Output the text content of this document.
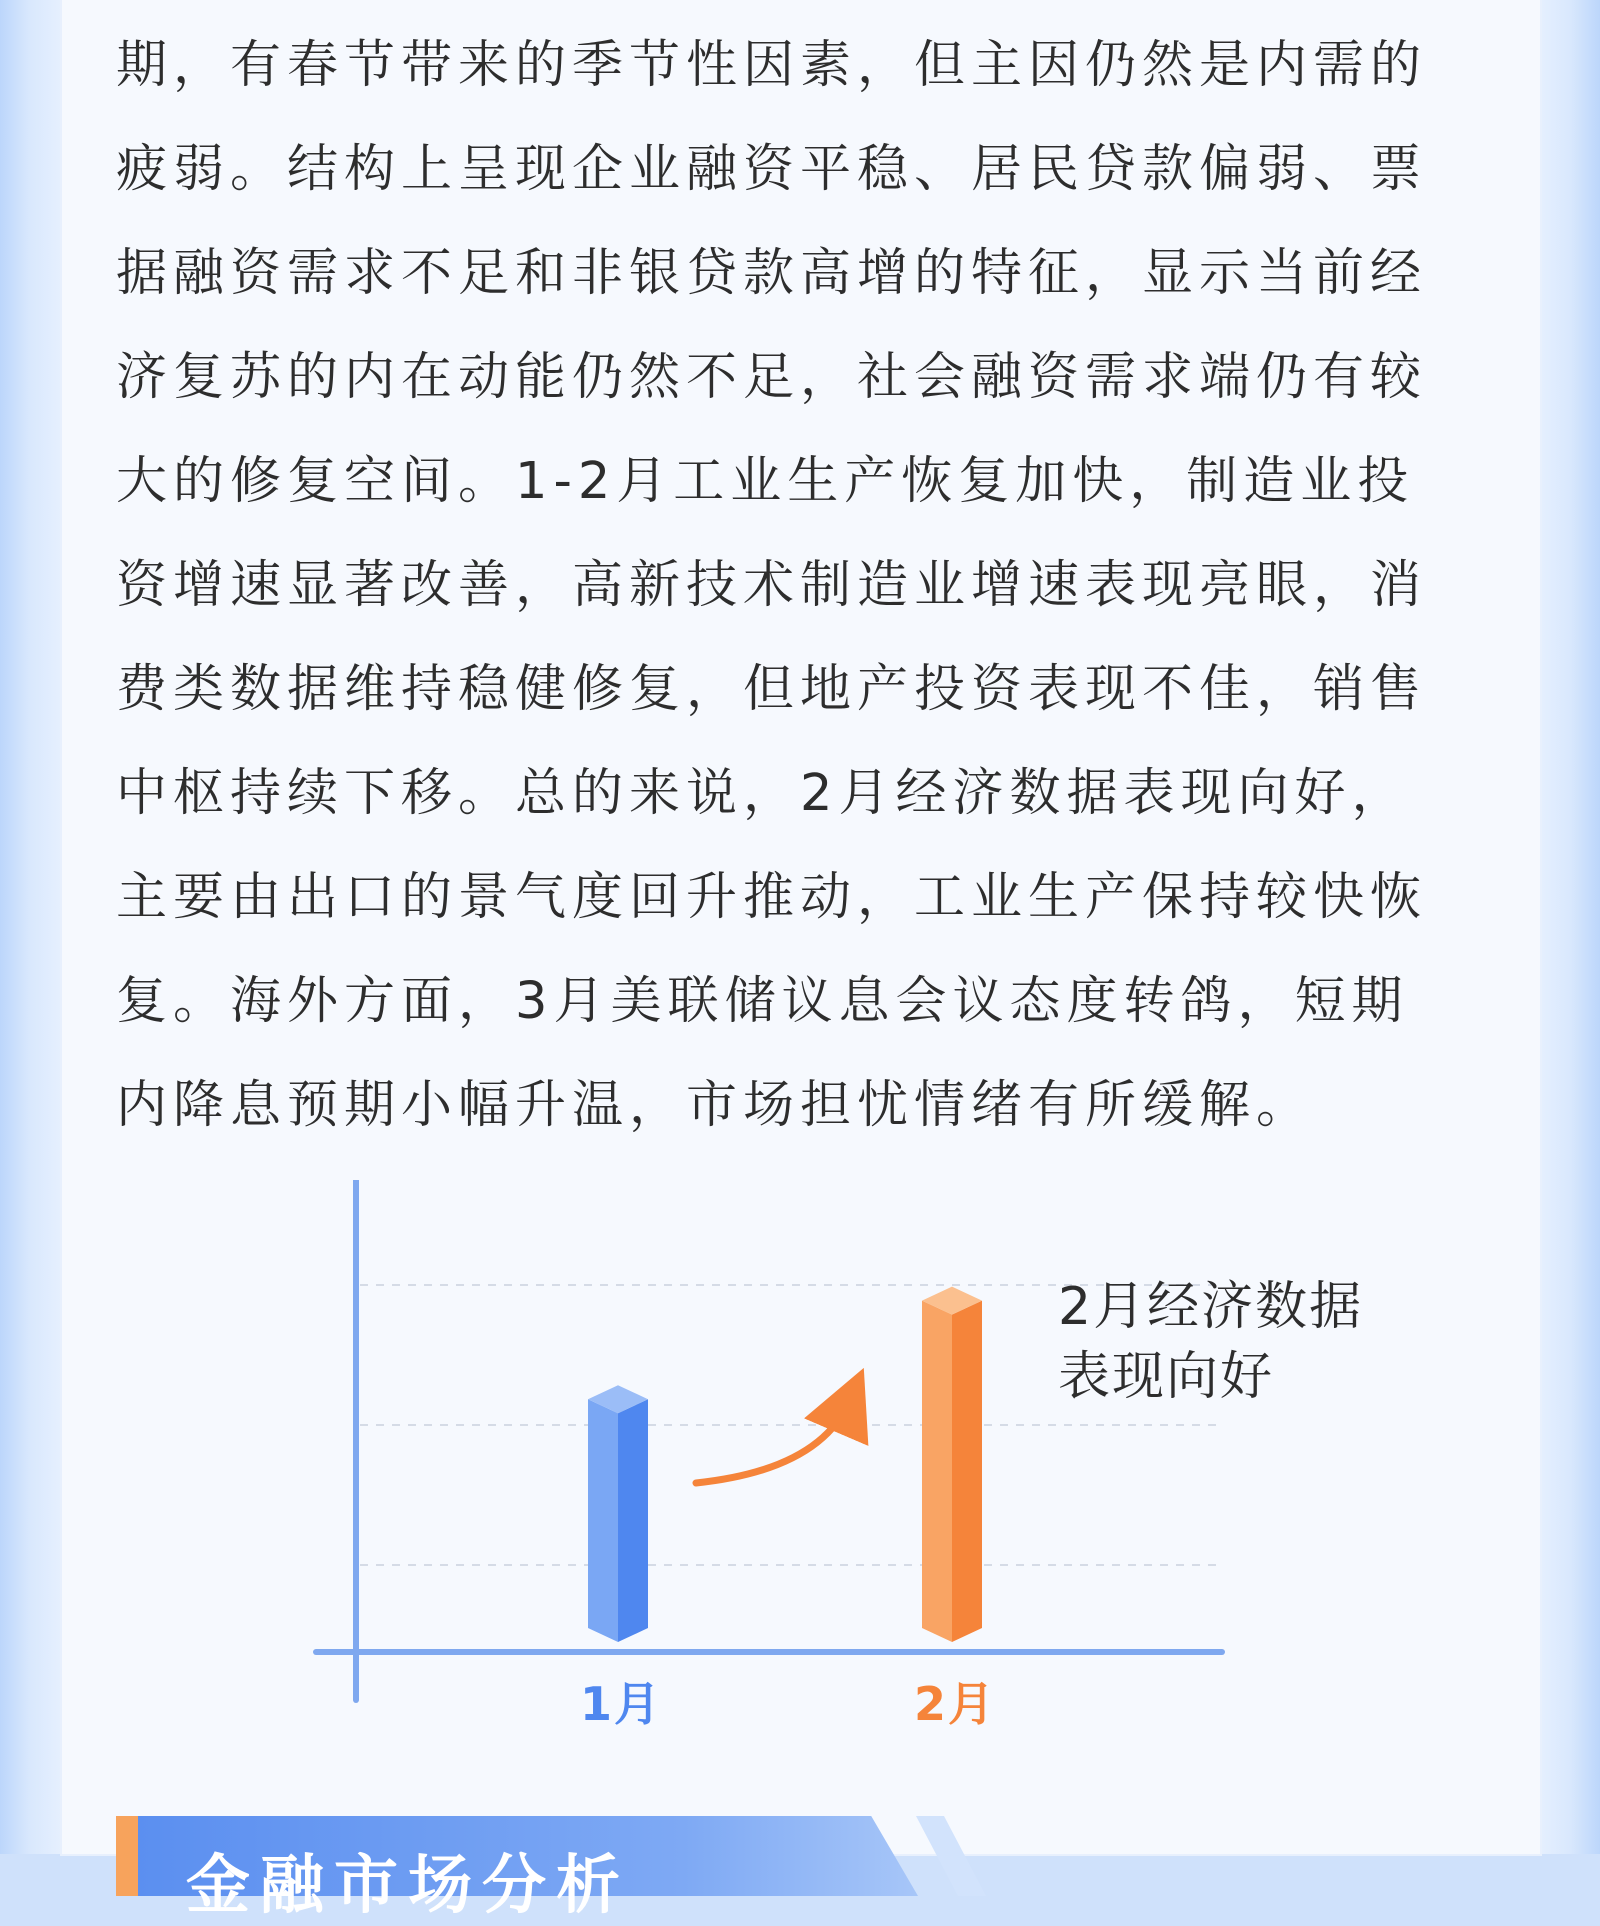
期，有春节带来的季节性因素，但主因仍然是内需的
疲弱。结构上呈现企业融资平稳、居民贷款偏弱、票
据融资需求不足和非银贷款高增的特征，显示当前经
济复苏的内在动能仍然不足，社会融资需求端仍有较
大的修复空间。1-2月工业生产恢复加快，制造业投
资增速显著改善，高新技术制造业增速表现亮眼，消
费类数据维持稳健修复，但地产投资表现不佳，销售
中枢持续下移。总的来说，2月经济数据表现向好，
主要由出口的景气度回升推动，工业生产保持较快恢
复。海外方面，3月美联储议息会议态度转鸽，短期
内降息预期小幅升温，市场担忧情绪有所缓解。
2月经济数据
表现向好
1月	2月
金融市场分析
